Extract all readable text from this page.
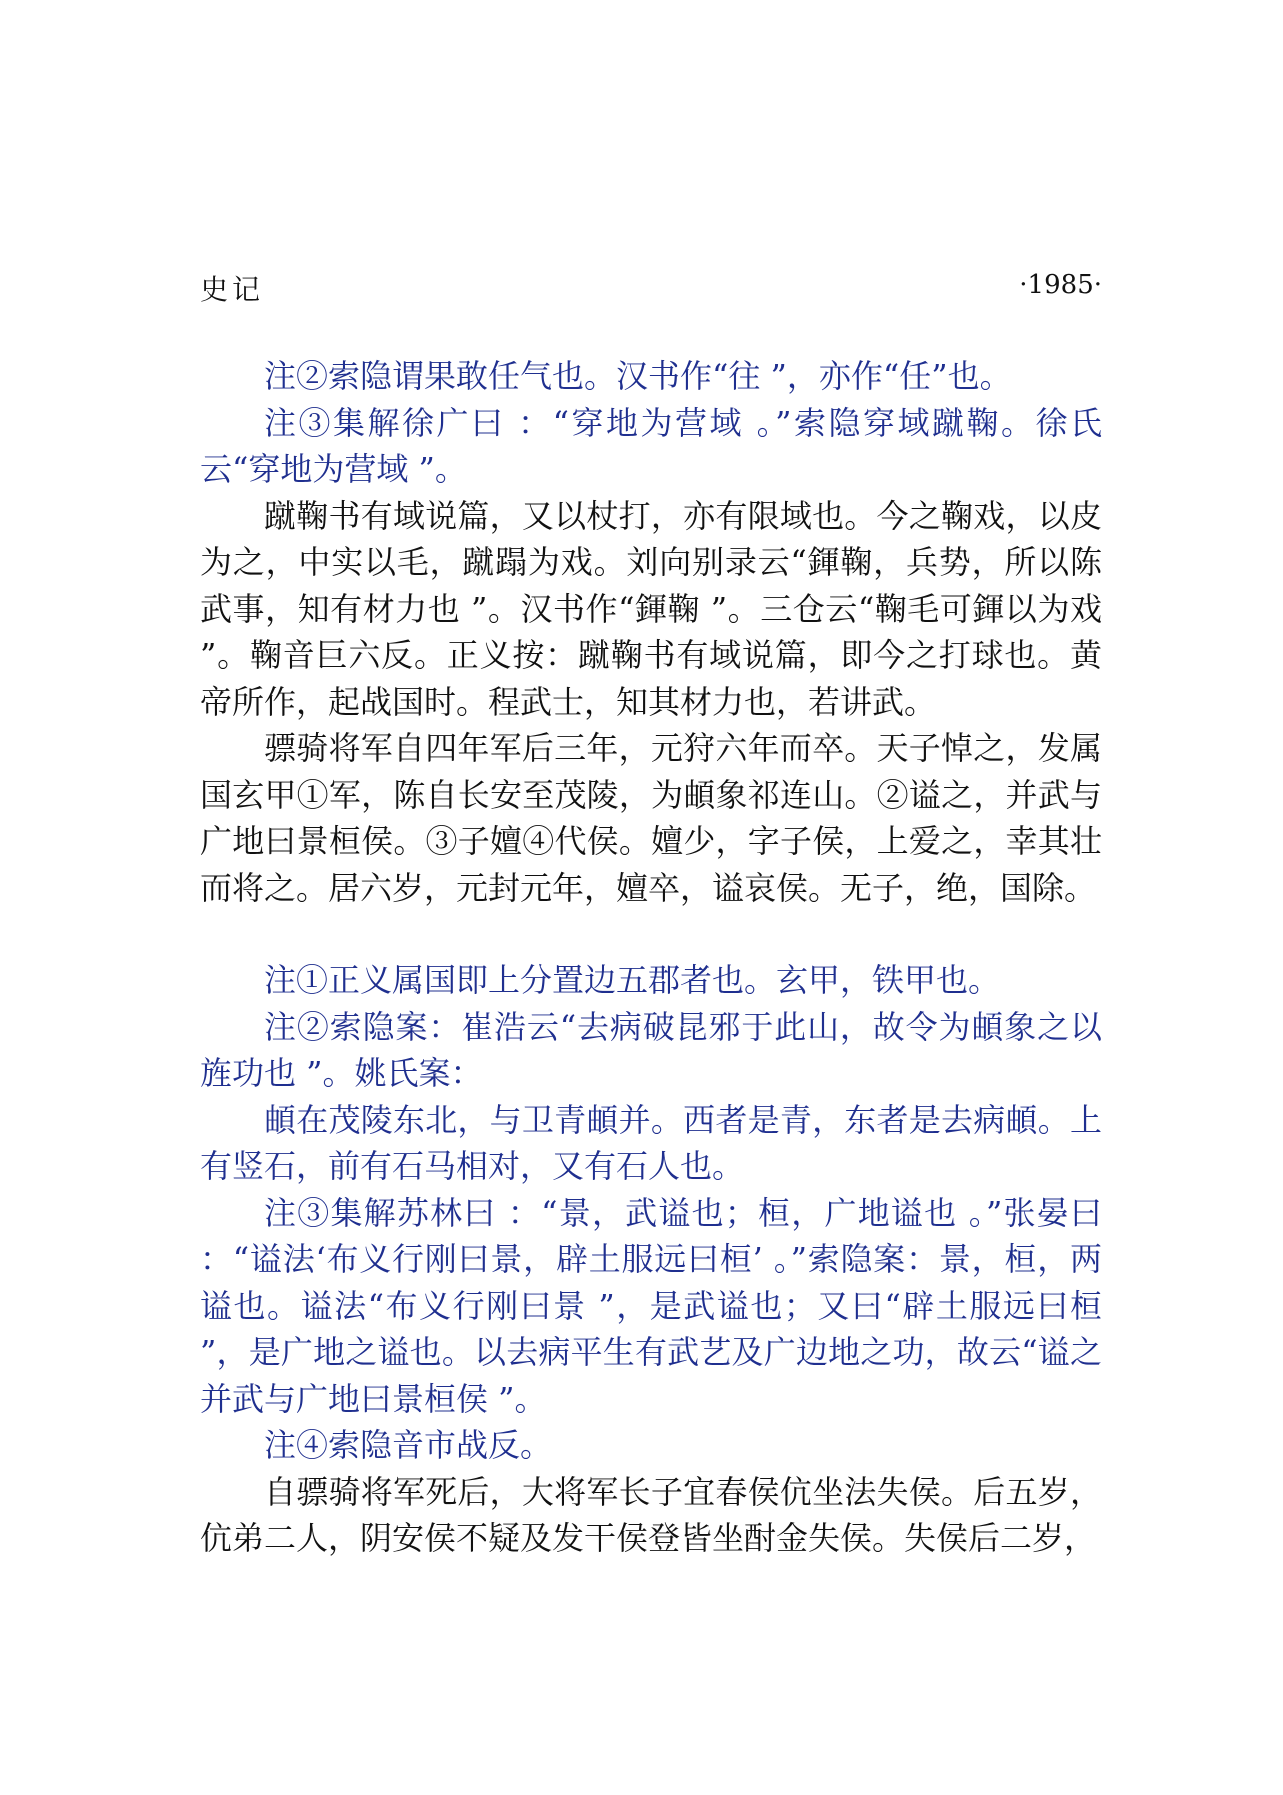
史记	·1985·

注②索隐谓果敢任气也。汉书作“往 ”，亦作“任”也。

注③集解徐广曰 ：“穿地为营域 。”索隐穿域蹴鞠。徐氏云“穿地为营域 ”。

蹴鞠书有域说篇，又以杖打，亦有限域也。今之鞠戏，以皮为之，中实以毛，蹴蹋为戏。刘向别录云“鍕鞠，兵势，所以陈武事，知有材力也 ”。汉书作“鍕鞠 ”。三仓云“鞠毛可鍕以为戏 ”。鞠音巨六反。正义按：蹴鞠书有域说篇，即今之打球也。黄帝所作，起战国时。程武士，知其材力也，若讲武。

骠骑将军自四年军后三年，元狩六年而卒。天子悼之，发属国玄甲①军，陈自长安至茂陵，为頔象祁连山。②谥之，并武与广地曰景桓侯。③子嬗④代侯。嬗少，字子侯，上爱之，幸其壮而将之。居六岁，元封元年，嬗卒，谥哀侯。无子，绝，国除。

注①正义属国即上分置边五郡者也。玄甲，铁甲也。

注②索隐案：崔浩云“去病破昆邪于此山，故令为頔象之以旌功也 ”。姚氏案：

頔在茂陵东北，与卫青頔并。西者是青，东者是去病頔。上有竖石，前有石马相对，又有石人也。

注③集解苏林曰 ：“景，武谥也；桓，广地谥也 。”张晏曰 ：“谥法‘布义行刚曰景，辟土服远曰桓’ 。”索隐案：景，桓，两谥也。谥法“布义行刚曰景 ”，是武谥也；又曰“辟土服远曰桓 ”，是广地之谥也。以去病平生有武艺及广边地之功，故云“谥之并武与广地曰景桓侯 ”。

注④索隐音市战反。

自骠骑将军死后，大将军长子宜春侯伉坐法失侯。后五岁，伉弟二人，阴安侯不疑及发干侯登皆坐酎金失侯。失侯后二岁，
